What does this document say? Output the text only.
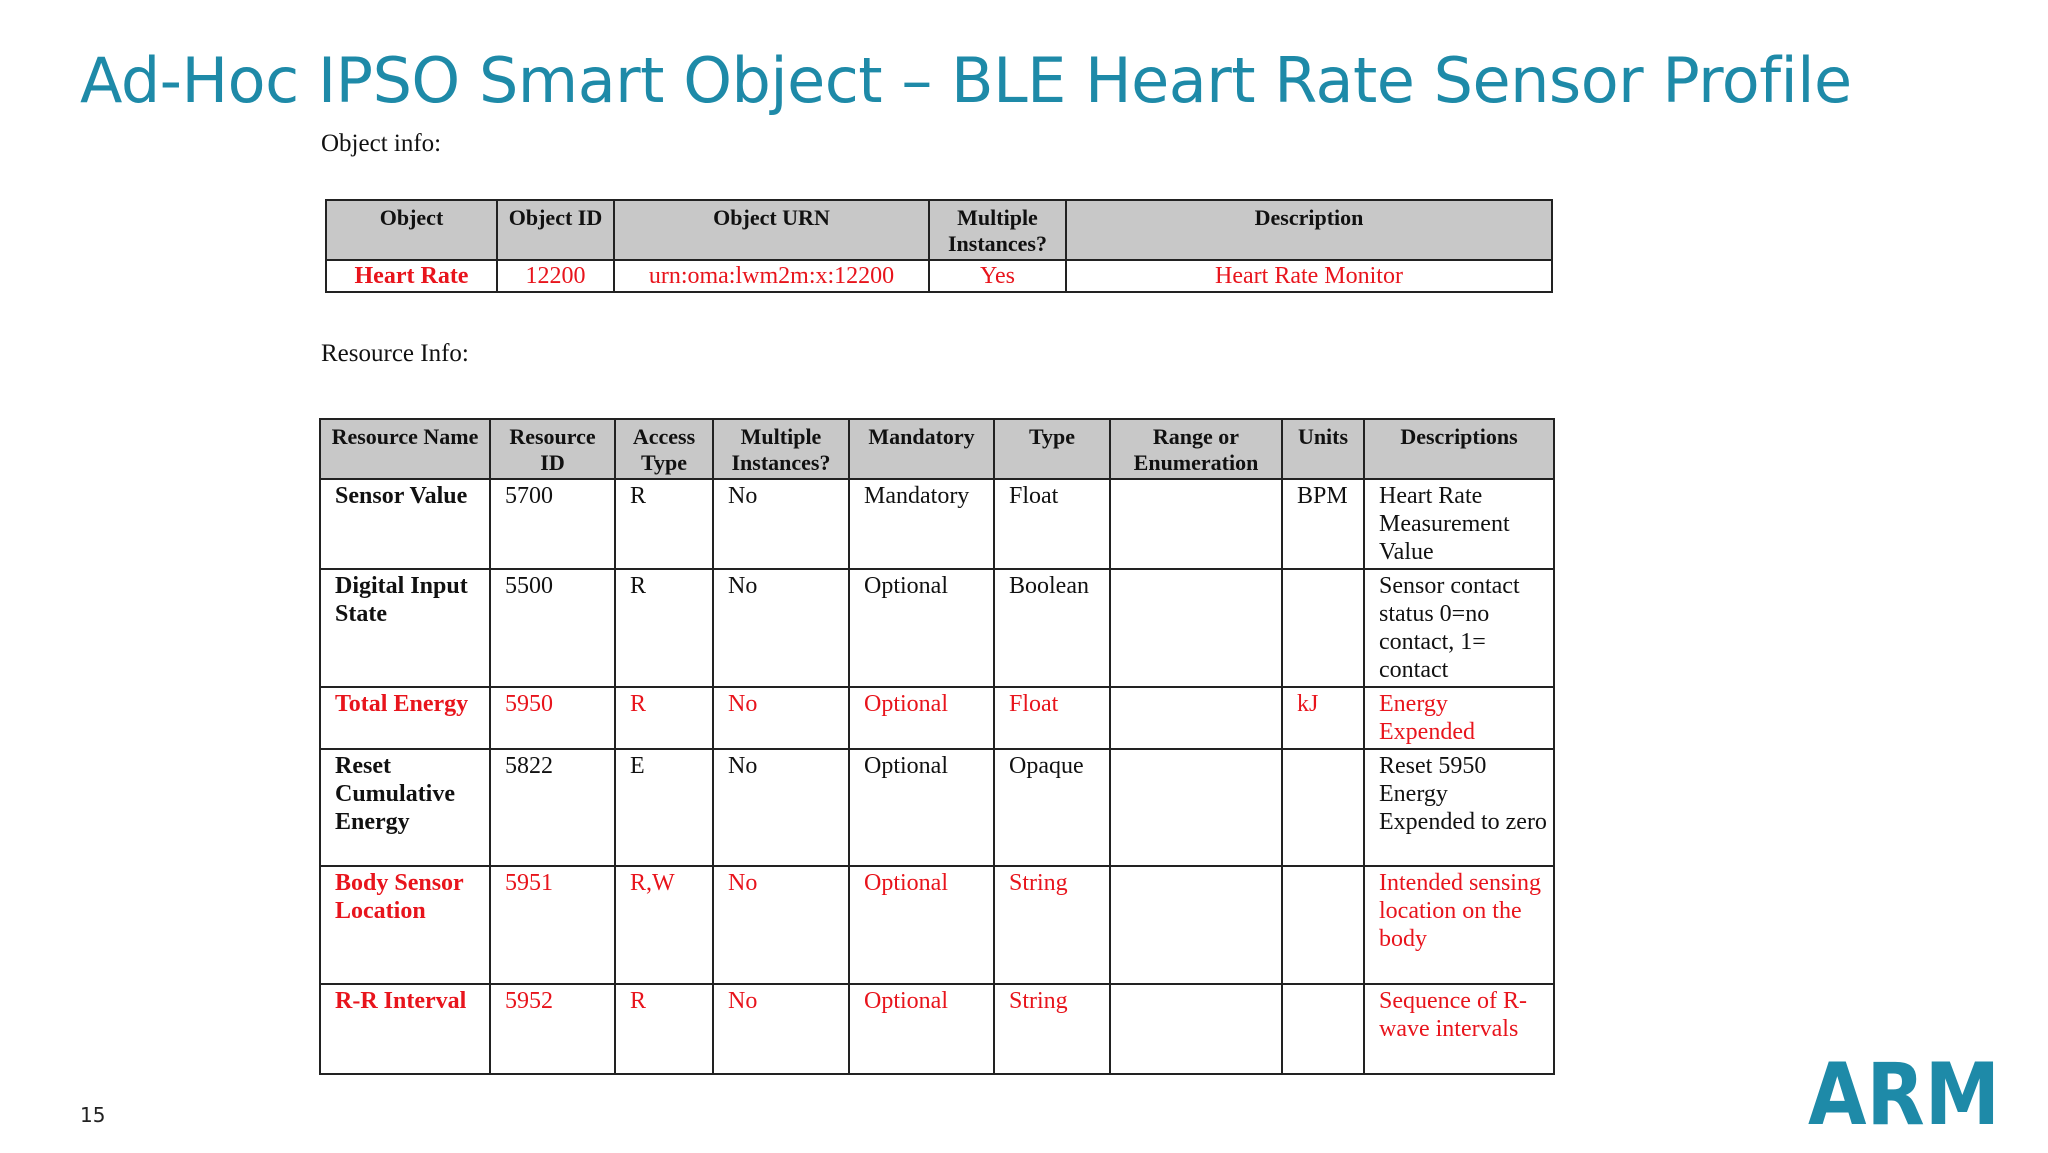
Ad-Hoc IPSO Smart Object – BLE Heart Rate Sensor Profile
Object info:
Object	Object ID	Object URN	Multiple Instances?	Description
Heart Rate	12200	urn:oma:lwm2m:x:12200	Yes	Heart Rate Monitor
Resource Info:
Resource Name	Resource ID	Access Type	Multiple Instances?	Mandatory	Type	Range or Enumeration	Units	Descriptions
Sensor Value	5700	R	No	Mandatory	Float		BPM	Heart Rate Measurement Value
Digital Input State	5500	R	No	Optional	Boolean			Sensor contact status 0=no contact, 1= contact
Total Energy	5950	R	No	Optional	Float		kJ	Energy Expended
Reset Cumulative Energy	5822	E	No	Optional	Opaque			Reset 5950 Energy Expended to zero
Body Sensor Location	5951	R,W	No	Optional	String			Intended sensing location on the body
R-R Interval	5952	R	No	Optional	String			Sequence of R-wave intervals
15	ARM
